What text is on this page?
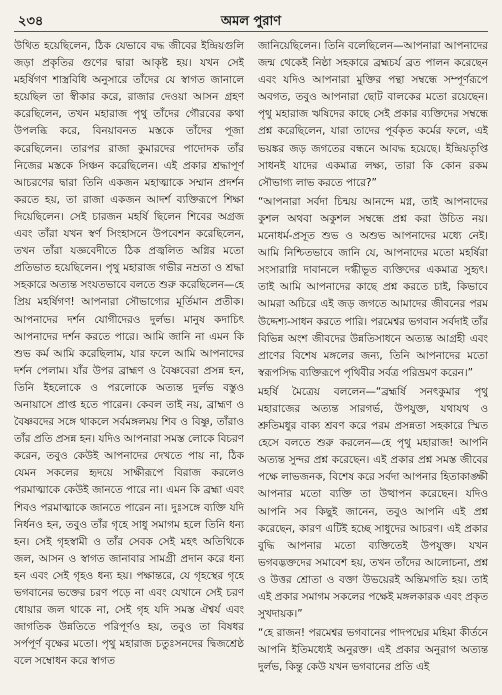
২৩৪	অমল পুরাণ

উথিত হয়েছিলেন, ঠিক যেভাবে বদ্ধ জীবের ইন্দ্রিয়গুলি জড়া প্রকৃতির গুণের দ্বারা আকৃষ্ট হয়। যখন সেই মহর্ষিগণ শাস্ত্রবিধি অনুসারে তাঁদের যে স্বাগত জানালে হয়েছিল তা স্বীকার করে, রাজার দেওয়া আসন গ্রহণ করেছিলেন, তখন মহারাজ পৃথু তাঁদের গৌরবের কথা উপলব্ধি করে, বিনয়াবনত মস্তকে তাঁদের পূজা করেছিলেন। তারপর রাজা কুমারদের পাদোদক তাঁর নিজের মস্তকে সিঞ্চন করেছিলেন। এই প্রকার শ্রদ্ধাপূর্ণ আচরণের দ্বারা তিনি একজন মহাত্মাকে সম্মান প্রদর্শন করতে হয়, তা রাজা একজন আদর্শ ব্যক্তিরূপে শিক্ষা দিয়েছিলেন। সেই চারজন মহর্ষি ছিলেন শিবের অগ্রজ এবং তাঁরা যখন স্বর্ণ সিংহাসনে উপবেশন করেছিলেন, তখন তাঁরা যজ্ঞবেদীতে ঠিক প্রজ্বলিত অগ্নির মতো প্রতিভাত হয়েছিলেন। পৃথু মহারাজ গভীর নম্রতা ও শ্রদ্ধা সহকারে অত্যন্ত সংযতভাবে বলতে শুরু করেছিলেন—হে প্রিয় মহর্ষিগণ! আপনারা সৌভাগ্যের মূর্তিমান প্রতীক। আপনাদের দর্শন যোগীদেরও দুর্লভ। মানুষ কদাচিৎ আপনাদের দর্শন করতে পারে। আমি জানি না এমন কি শুভ কর্ম আমি করেছিলাম, যার ফলে আমি আপনাদের দর্শন পেলাম। যাঁর উপর ব্রাহ্মণ ও বৈষ্ণবেরা প্রসন্ন হন, তিনি ইহলোকে ও পরলোকে অত্যন্ত দুর্লভ বস্তুও অনায়াসে প্রাপ্ত হতে পারেন। কেবল তাই নয়, ব্রাহ্মণ ও বৈষ্ণবদের সঙ্গে থাকলে সর্বমঙ্গলময় শিব ও বিষ্ণু, তাঁরাও তাঁর প্রতি প্রসন্ন হন। যদিও আপনারা সমস্ত লোকে বিচরণ করেন, তবুও কেউই আপনাদের দেখতে পায় না, ঠিক যেমন সকলের হৃদয়ে সাক্ষীরূপে বিরাজ করলেও পরমাত্মাকে কেউই জানতে পারে না। এমন কি ব্রহ্মা এবং শিবও পরমাত্মাকে জানতে পারেন না। দুঃসঙ্গে ব্যক্তি যদি নির্ধনও হন, তবুও তাঁর গৃহে সাধু সমাগম হলে তিনি ধন্য হন। সেই গৃহস্বামী ও তাঁর সেবক সেই মহৎ অতিথিকে জল, আসন ও স্বাগত জানাবার সামগ্রী প্রদান করে ধন্য হন এবং সেই গৃহও ধন্য হয়। পক্ষান্তরে, যে গৃহস্থের গৃহে ভগবানের ভক্তের চরণ পড়ে না এবং যেখানে সেই চরণ ধোয়ার জল থাকে না, সেই গৃহ যদি সমস্ত ঐশ্বর্য এবং জাগতিক উন্নতিতে পরিপূর্ণও হয়, তবুও তা বিষধর সর্পপূর্ণ বৃক্ষের মতো। পৃথু মহারাজ চতুঃসনদের দ্বিজশ্রেষ্ঠ বলে সম্বোধন করে স্বাগত

জানিয়েছিলেন। তিনি বলেছিলেন—আপনারা আপনাদের জন্ম থেকেই নিষ্ঠা সহকারে ব্রহ্মচর্য ব্রত পালন করেছেন এবং যদিও আপনারা মুক্তির পন্থা সম্বন্ধে সম্পূর্ণরূপে অবগত, তবুও আপনারা ছোট বালকের মতো রয়েছেন। পৃথু মহারাজ ঋষিদের কাছে সেই প্রকার ব্যক্তিদের সম্বন্ধে প্রশ্ন করেছিলেন, যারা তাদের পূর্বকৃত কর্মের ফলে, এই ভয়ঙ্কর জড় জগতের বন্ধনে আবদ্ধ হয়েছে। ইন্দ্রিয়তৃপ্তি সাধনই যাদের একমাত্র লক্ষ্য, তারা কি কোন রকম সৌভাগ্য লাভ করতে পারে?”

“আপনারা সর্বদা চিন্ময় আনন্দে মগ্ন, তাই আপনাদের কুশল অথবা অকুশল সম্বন্ধে প্রশ্ন করা উচিত নয়। মনোধর্ম-প্রসূত শুভ ও অশুভ আপনাদের মধ্যে নেই। আমি নিশ্চিতভাবে জানি যে, আপনাদের মতো মহর্ষিরা সংসারাগ্নি দাবানলে দগ্ধীভূত ব্যক্তিদের একমাত্র সুহৃৎ। তাই আমি আপনাদের কাছে প্রশ্ন করতে চাই, কিভাবে আমরা অচিরে এই জড় জগতে আমাদের জীবনের পরম উদ্দেশ্য-সাধন করতে পারি। পরমেশ্বর ভগবান সর্বদাই তাঁর বিভিন্ন অংশ জীবদের উন্নতিসাধনে অত্যন্ত আগ্রহী এবং প্রাণের বিশেষ মঙ্গলের জন্য, তিনি আপনাদের মতো স্বরূপসিদ্ধ ব্যক্তিরূপে পৃথিবীর সর্বত্র পরিভ্রমণ করেন।”

মহর্ষি মৈত্রেয় বললেন—“ব্রহ্মর্ষি সনৎকুমার পৃথু মহারাজের অত্যন্ত সারগর্ভ, উপযুক্ত, যথাযথ ও শ্রুতিমধুর বাক্য শ্রবণ করে পরম প্রসন্নতা সহকারে স্মিত হেসে বলতে শুরু করলেন—হে পৃথু মহারাজ! আপনি অত্যন্ত সুন্দর প্রশ্ন করেছেন। এই প্রকার প্রশ্ন সমস্ত জীবের পক্ষে লাভজনক, বিশেষ করে সর্বদা আপনার হিতাকাঙ্ক্ষী আপনার মতো ব্যক্তি তা উত্থাপন করেছেন। যদিও আপনি সব কিছুই জানেন, তবুও আপনি এই প্রশ্ন করেছেন, কারণ এটিই হচ্ছে সাধুদের আচরণ। এই প্রকার বুদ্ধি আপনার মতো ব্যক্তিতেই উপযুক্ত। যখন ভগবদ্ভক্তদের সমাবেশ হয়, তখন তাঁদের আলোচনা, প্রশ্ন ও উত্তর শ্রোতা ও বক্তা উভয়েরই অন্তিমগতি হয়। তাই এই প্রকার সমাগম সকলের পক্ষেই মঙ্গলকারক এবং প্রকৃত সুখদায়ক।”

“হে রাজন! পরমেশ্বর ভগবানের পাদপদ্মের মহিমা কীর্তনে আপনি ইতিমধ্যেই অনুরক্ত। এই প্রকার অনুরাগ অত্যন্ত দুর্লভ, কিন্তু কেউ যখন ভগবানের প্রতি এই
